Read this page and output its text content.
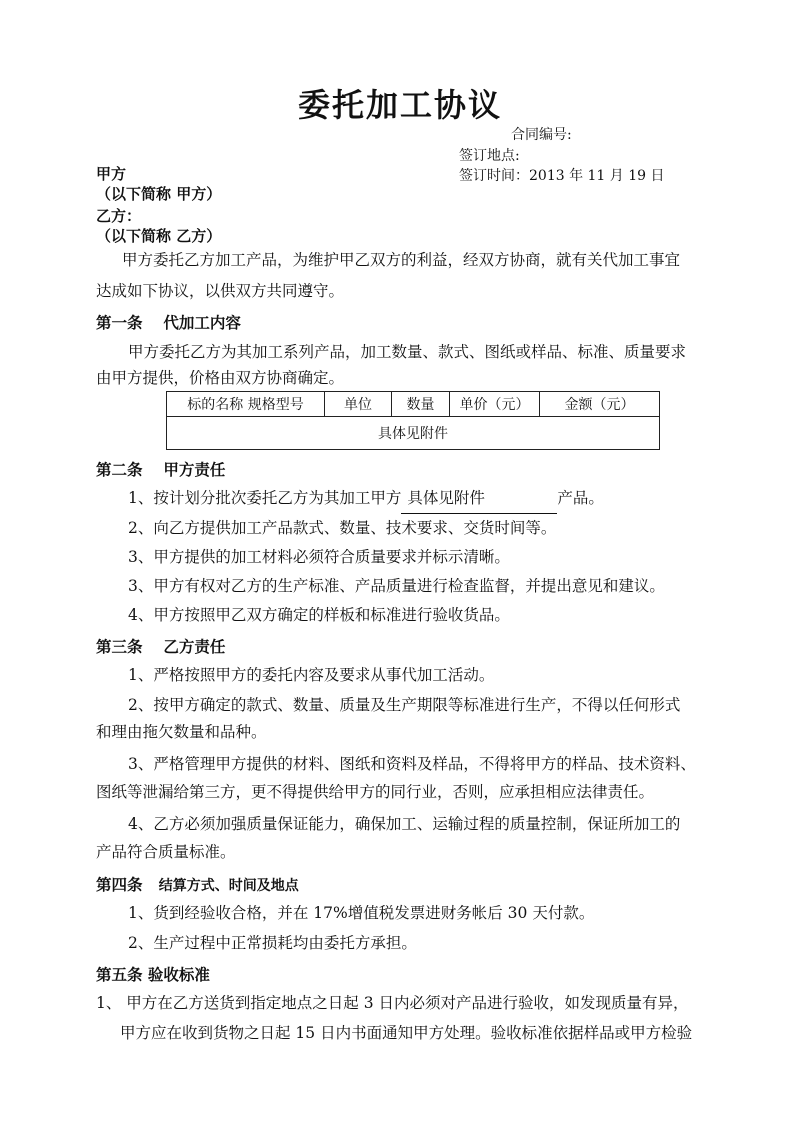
委托加工协议
合同编号:
签订地点:
签订时间：2013 年 11 月 19 日
甲方
（以下简称 甲方）
乙方：
（以下简称 乙方）
甲方委托乙方加工产品，为维护甲乙双方的利益，经双方协商，就有关代加工事宜
达成如下协议，以供双方共同遵守。
第一条　 代加工内容
甲方委托乙方为其加工系列产品，加工数量、款式、图纸或样品、标准、质量要求
由甲方提供，价格由双方协商确定。
标的名称 规格型号	单位	数量	单价（元）	金额（元）
具体见附件
第二条　 甲方责任
1、按计划分批次委托乙方为其加工甲方 具体见附件	产品。
2、向乙方提供加工产品款式、数量、技术要求、交货时间等。
3、甲方提供的加工材料必须符合质量要求并标示清晰。
3、甲方有权对乙方的生产标准、产品质量进行检查监督，并提出意见和建议。
4、甲方按照甲乙双方确定的样板和标准进行验收货品。
第三条　 乙方责任
1、严格按照甲方的委托内容及要求从事代加工活动。
2、按甲方确定的款式、数量、质量及生产期限等标准进行生产，不得以任何形式
和理由拖欠数量和品种。
3、严格管理甲方提供的材料、图纸和资料及样品，不得将甲方的样品、技术资料、
图纸等泄漏给第三方，更不得提供给甲方的同行业，否则，应承担相应法律责任。
4、乙方必须加强质量保证能力，确保加工、运输过程的质量控制，保证所加工的
产品符合质量标准。
第四条 结算方式、时间及地点
1、货到经验收合格，并在 17%增值税发票进财务帐后 30 天付款。
2、生产过程中正常损耗均由委托方承担。
第五条 验收标准
1、 甲方在乙方送货到指定地点之日起 3 日内必须对产品进行验收，如发现质量有异，
甲方应在收到货物之日起 15 日内书面通知甲方处理。验收标准依据样品或甲方检验
